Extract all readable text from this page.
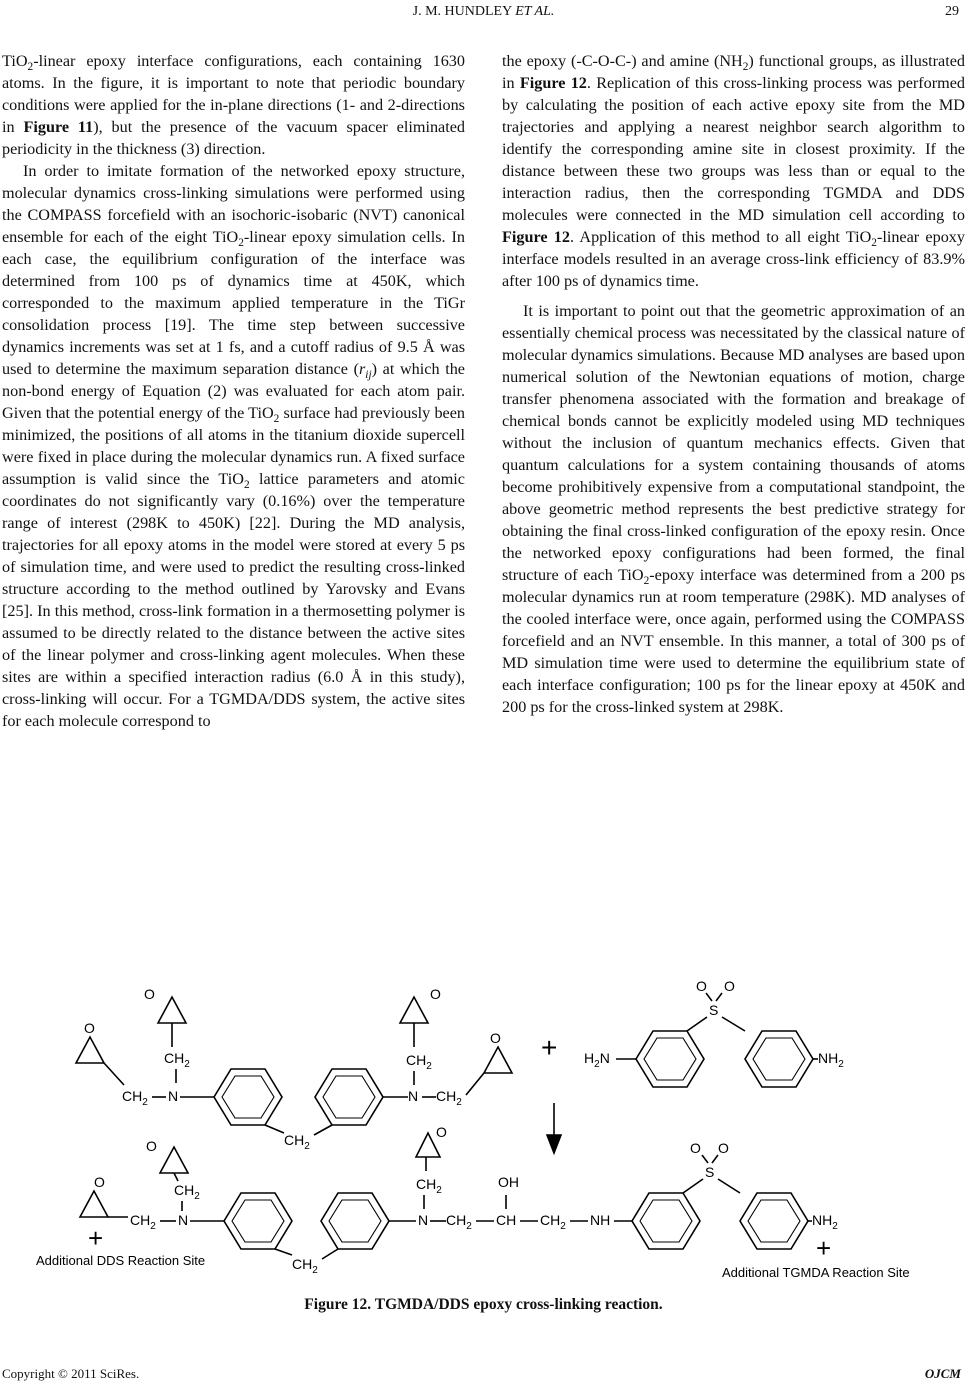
J. M. HUNDLEY ET AL.	29

TiO$_2$-linear epoxy interface configurations, each containing 1630 atoms. In the figure, it is important to note that periodic boundary conditions were applied for the in-plane directions (1- and 2-directions in Figure 11), but the presence of the vacuum spacer eliminated periodicity in the thickness (3) direction.

In order to imitate formation of the networked epoxy structure, molecular dynamics cross-linking simulations were performed using the COMPASS forcefield with an isochoric-isobaric (NVT) canonical ensemble for each of the eight TiO$_2$-linear epoxy simulation cells. In each case, the equilibrium configuration of the interface was determined from 100 ps of dynamics time at 450K, which corresponded to the maximum applied temperature in the TiGr consolidation process [19]. The time step between successive dynamics increments was set at 1 fs, and a cutoff radius of 9.5 Å was used to determine the maximum separation distance $(r_{ij})$ at which the non-bond energy of Equation (2) was evaluated for each atom pair. Given that the potential energy of the TiO$_2$ surface had previously been minimized, the positions of all atoms in the titanium dioxide supercell were fixed in place during the molecular dynamics run. A fixed surface assumption is valid since the TiO$_2$ lattice parameters and atomic coordinates do not significantly vary (0.16%) over the temperature range of interest (298K to 450K) [22]. During the MD analysis, trajectories for all epoxy atoms in the model were stored at every 5 ps of simulation time, and were used to predict the resulting cross-linked structure according to the method outlined by Yarovsky and Evans [25]. In this method, cross-link formation in a thermosetting polymer is assumed to be directly related to the distance between the active sites of the linear polymer and cross-linking agent molecules. When these sites are within a specified interaction radius (6.0 Å in this study), cross-linking will occur. For a TGMDA/DDS system, the active sites for each molecule correspond to

the epoxy (-C-O-C-) and amine $(NH_2)$ functional groups, as illustrated in Figure 12. Replication of this cross-linking process was performed by calculating the position of each active epoxy site from the MD trajectories and applying a nearest neighbor search algorithm to identify the corresponding amine site in closest proximity. If the distance between these two groups was less than or equal to the interaction radius, then the corresponding TGMDA and DDS molecules were connected in the MD simulation cell according to Figure 12. Application of this method to all eight TiO$_2$-linear epoxy interface models resulted in an average cross-link efficiency of 83.9% after 100 ps of dynamics time.

It is important to point out that the geometric approximation of an essentially chemical process was necessitated by the classical nature of molecular dynamics simulations. Because MD analyses are based upon numerical solution of the Newtonian equations of motion, charge transfer phenomena associated with the formation and breakage of chemical bonds cannot be explicitly modeled using MD techniques without the inclusion of quantum mechanics effects. Given that quantum calculations for a system containing thousands of atoms become prohibitively expensive from a computational standpoint, the above geometric method represents the best predictive strategy for obtaining the final cross-linked configuration of the epoxy resin. Once the networked epoxy configurations had been formed, the final structure of each TiO$_2$-epoxy interface was determined from a 200 ps molecular dynamics run at room temperature (298K). MD analyses of the cooled interface were, once again, performed using the COMPASS forcefield and an NVT ensemble. In this manner, a total of 300 ps of MD simulation time were used to determine the equilibrium state of each interface configuration; 100 ps for the linear epoxy at 450K and 200 ps for the cross-linked system at 298K.

O
$CH_2$
O
$CH_2$ N
$CH_2$
N
$CH_2$
O
$CH_2$
$O + H_2N$
S
O O
$NH_2$
O
$CH_2$
O
$CH_2$ N
$CH_2$
N
$CH_2$
O
$CH_2$ CH
OH
$CH_2$ NH
S
O O
$NH_2$
+
Additional DDS Reaction Site	+
Additional TGMDA Reaction Site
Figure 12. TGMDA/DDS epoxy cross-linking reaction.
Copyright © 2011 SciRes.	OJCM
